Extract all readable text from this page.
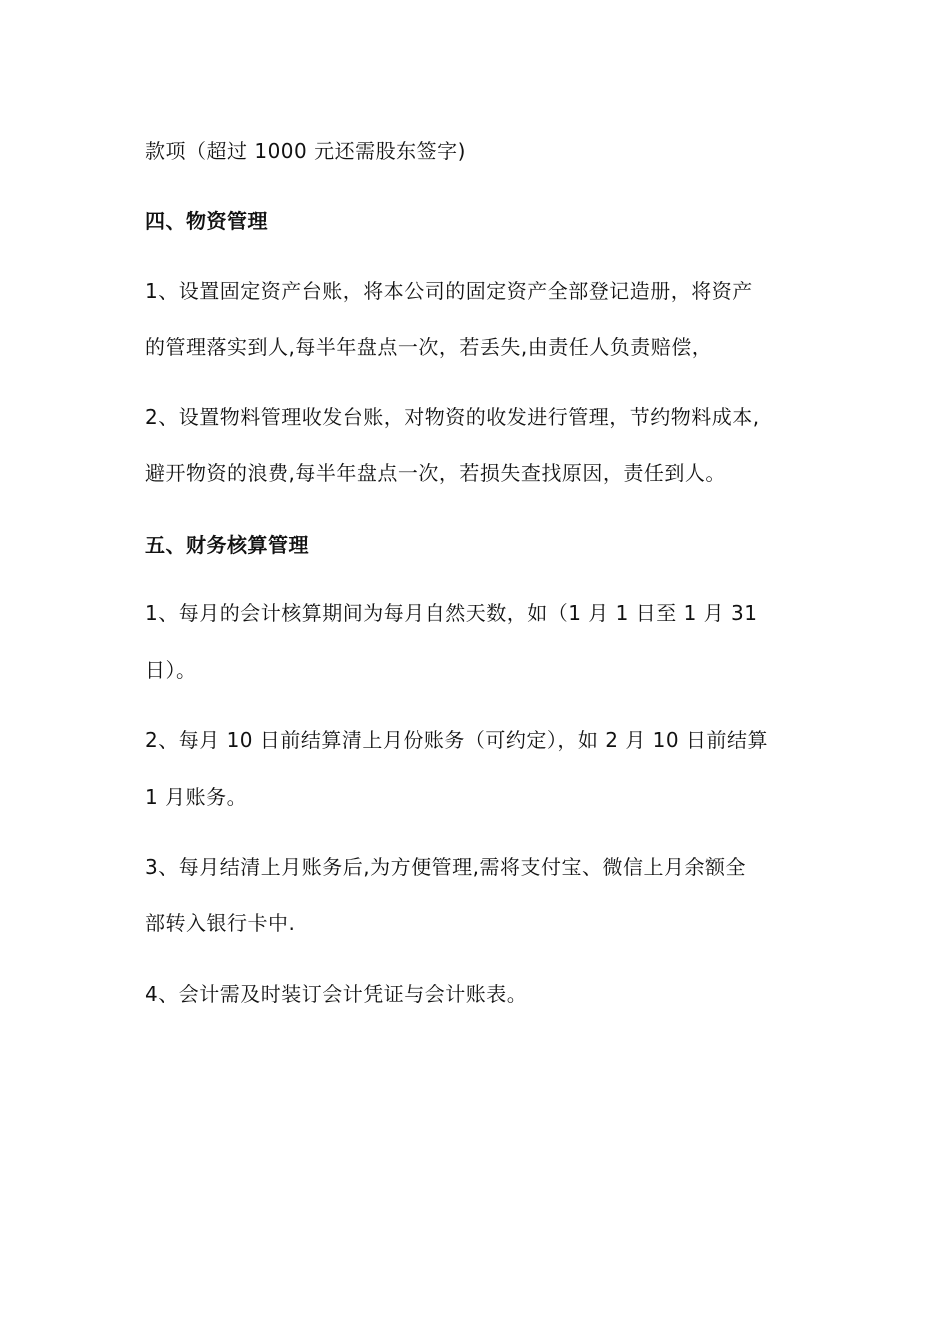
款项（超过 1000 元还需股东签字)
四、物资管理
1、设置固定资产台账，将本公司的固定资产全部登记造册，将资产
的管理落实到人,每半年盘点一次，若丢失,由责任人负责赔偿，
2、设置物料管理收发台账，对物资的收发进行管理，节约物料成本,
避开物资的浪费,每半年盘点一次，若损失查找原因，责任到人。
五、财务核算管理
1、每月的会计核算期间为每月自然天数，如（1 月 1 日至 1 月 31
日）。
2、每月 10 日前结算清上月份账务（可约定），如 2 月 10 日前结算
1 月账务。
3、每月结清上月账务后,为方便管理,需将支付宝、微信上月余额全
部转入银行卡中.
4、会计需及时装订会计凭证与会计账表。
